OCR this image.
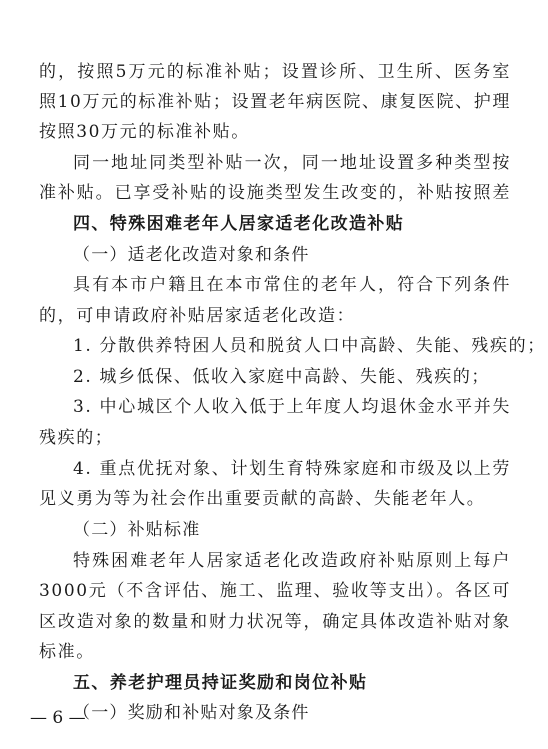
的，按照5万元的标准补贴；设置诊所、卫生所、医务室
照10万元的标准补贴；设置老年病医院、康复医院、护理
按照30万元的标准补贴。
同一地址同类型补贴一次，同一地址设置多种类型按
准补贴。已享受补贴的设施类型发生改变的，补贴按照差
四、特殊困难老年人居家适老化改造补贴
（一）适老化改造对象和条件
具有本市户籍且在本市常住的老年人，符合下列条件
的，可申请政府补贴居家适老化改造：
1. 分散供养特困人员和脱贫人口中高龄、失能、残疾的；
2. 城乡低保、低收入家庭中高龄、失能、残疾的；
3. 中心城区个人收入低于上年度人均退休金水平并失
残疾的；
4. 重点优抚对象、计划生育特殊家庭和市级及以上劳
见义勇为等为社会作出重要贡献的高龄、失能老年人。
（二）补贴标准
特殊困难老年人居家适老化改造政府补贴原则上每户
3000元（不含评估、施工、监理、验收等支出）。各区可
区改造对象的数量和财力状况等，确定具体改造补贴对象
标准。
五、养老护理员持证奖励和岗位补贴
（一）奖励和补贴对象及条件
— 6 —
